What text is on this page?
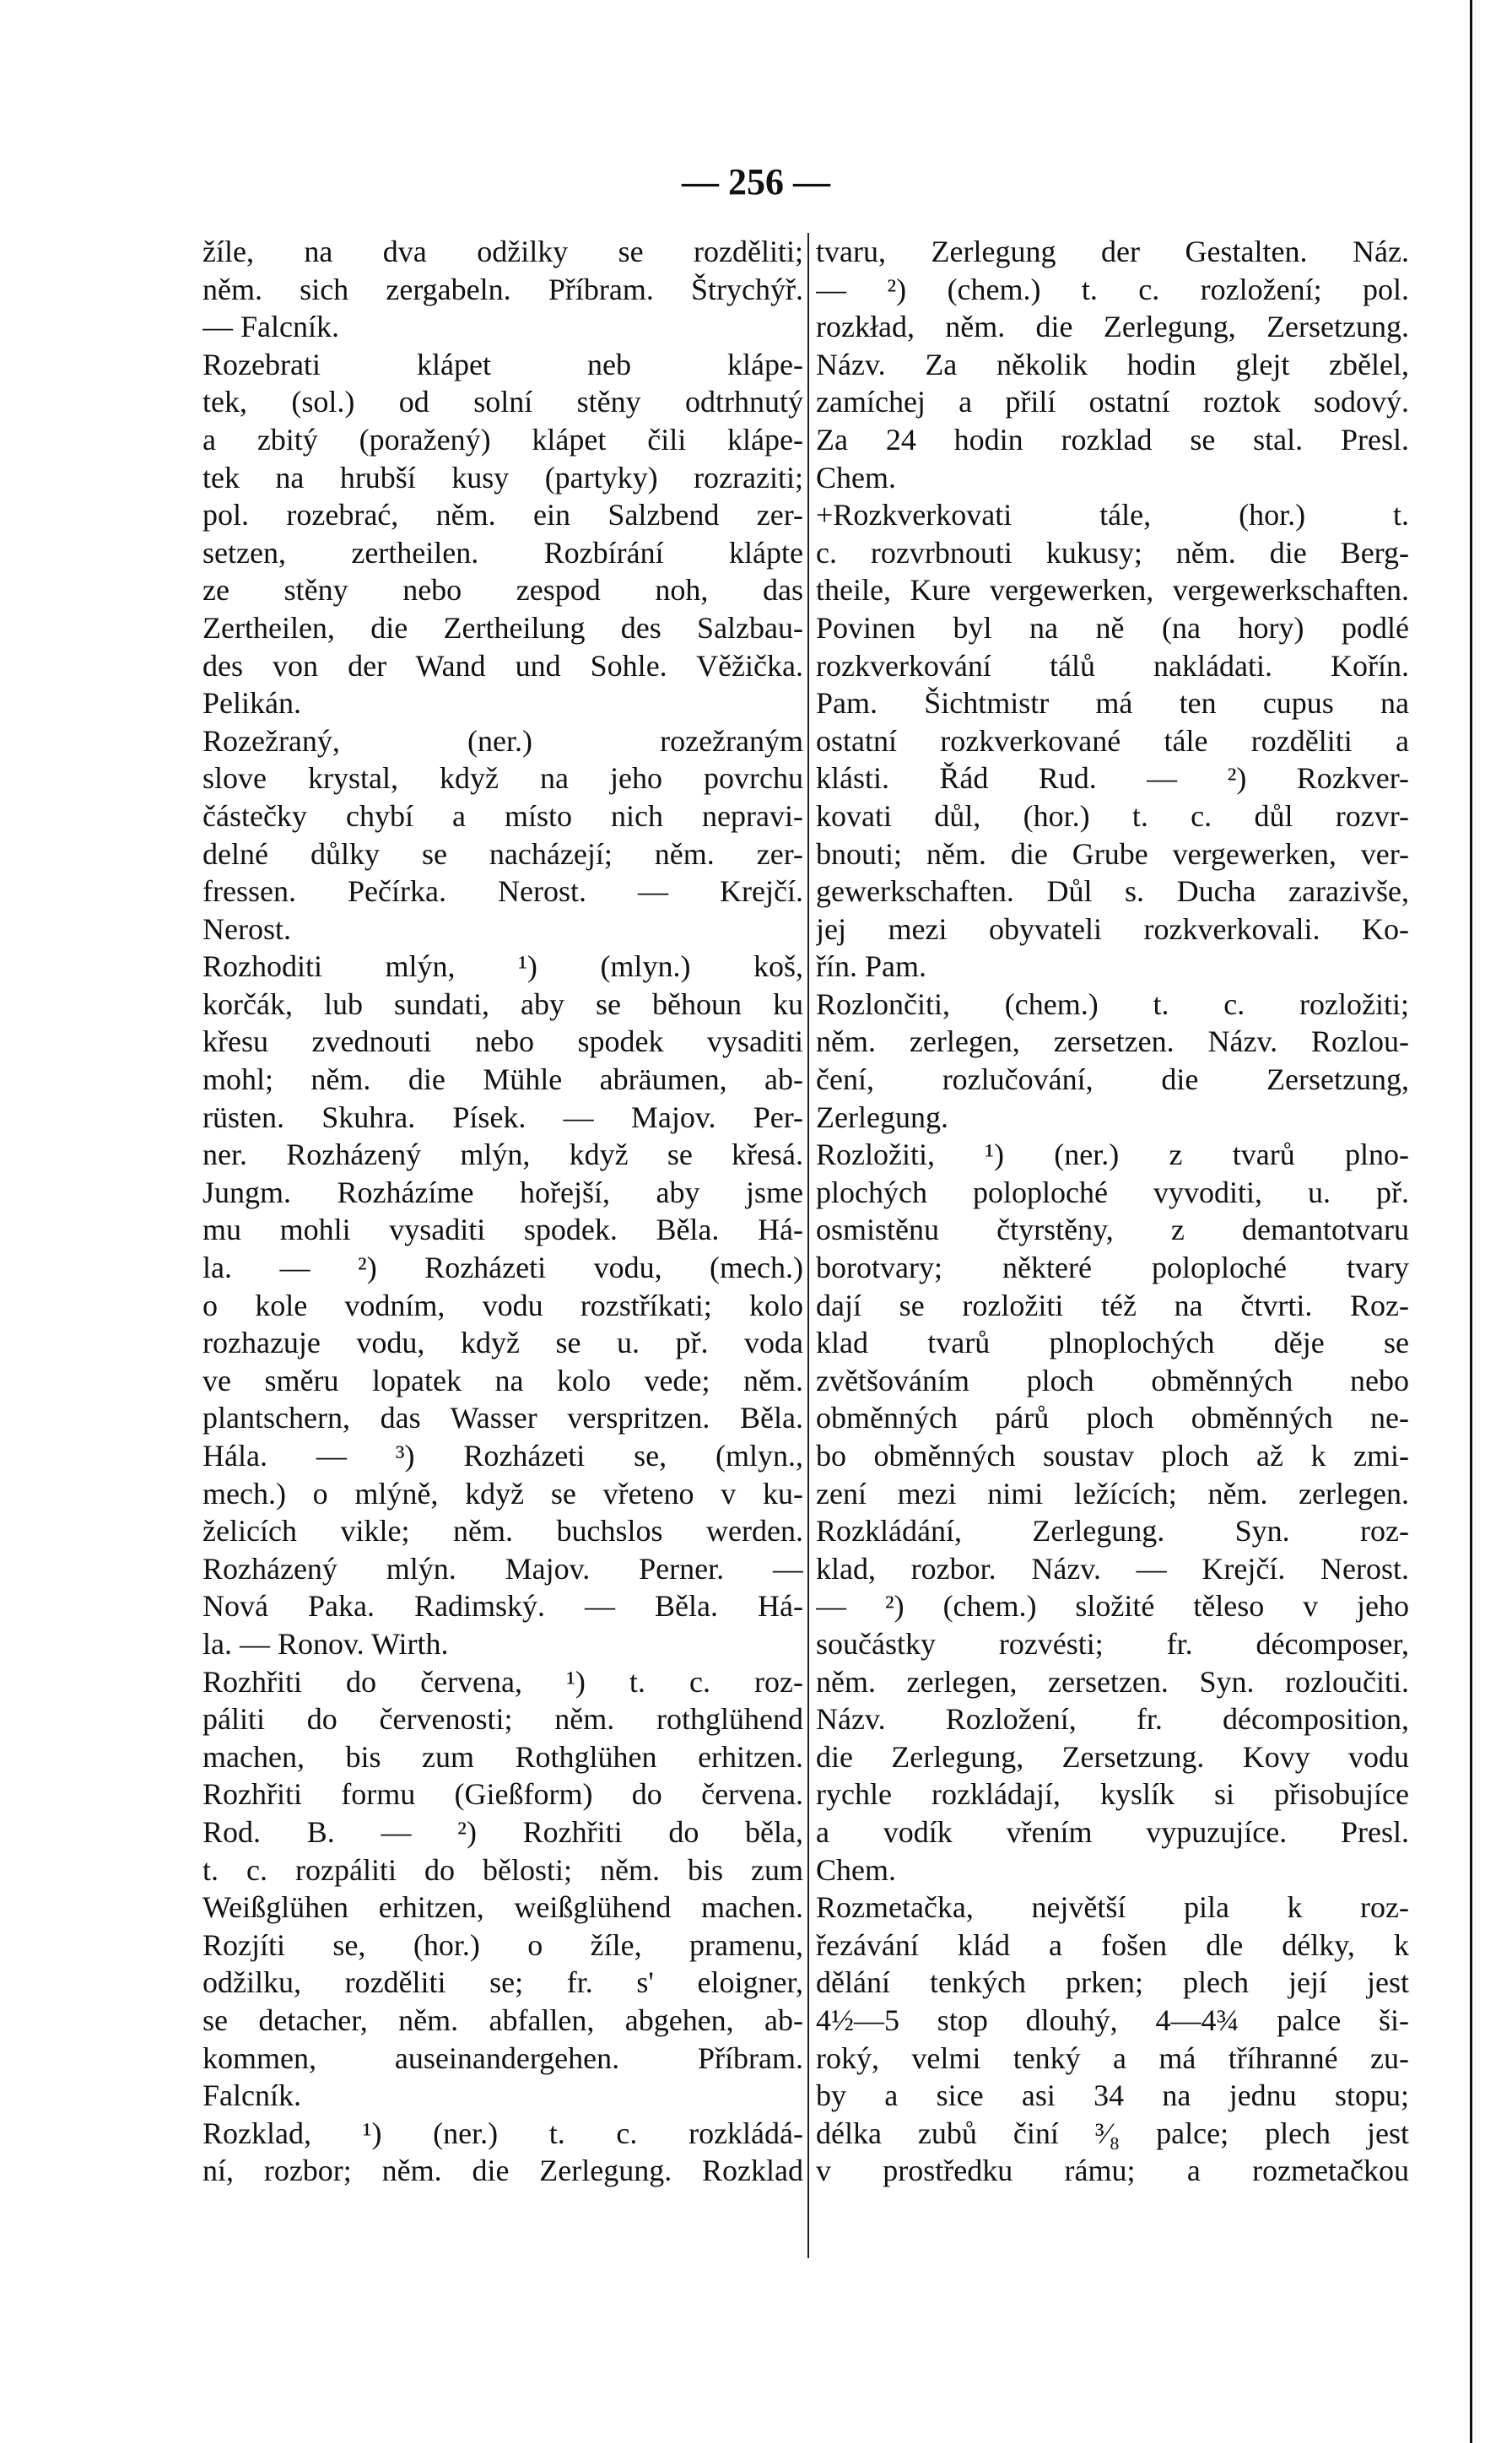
— 256 —
žíle, na dva odžilky se rozděliti;
něm. sich zergabeln. Příbram. Štrychýř.
— Falcník.
Rozebrati klápet neb klápe-
tek, (sol.) od solní stěny odtrhnutý
a zbitý (poražený) klápet čili klápe-
tek na hrubší kusy (partyky) rozraziti;
pol. rozebrać, něm. ein Salzbend zer-
setzen, zertheilen. Rozbírání klápte
ze stěny nebo zespod noh, das
Zertheilen, die Zertheilung des Salzbau-
des von der Wand und Sohle. Věžička.
Pelikán.
Rozežraný, (ner.) rozežraným
slove krystal, když na jeho povrchu
částečky chybí a místo nich nepravi-
delné důlky se nacházejí; něm. zer-
fressen. Pečírka. Nerost. — Krejčí.
Nerost.
Rozhoditi mlýn, ¹) (mlyn.) koš,
korčák, lub sundati, aby se běhoun ku
křesu zvednouti nebo spodek vysaditi
mohl; něm. die Mühle abräumen, ab-
rüsten. Skuhra. Písek. — Majov. Per-
ner. Rozházený mlýn, když se křesá.
Jungm. Rozházíme hořejší, aby jsme
mu mohli vysaditi spodek. Běla. Há-
la. — ²) Rozházeti vodu, (mech.)
o kole vodním, vodu rozstříkati; kolo
rozhazuje vodu, když se u. př. voda
ve směru lopatek na kolo vede; něm.
plantschern, das Wasser verspritzen. Běla.
Hála. — ³) Rozházeti se, (mlyn.,
mech.) o mlýně, když se vřeteno v ku-
želicích vikle; něm. buchslos werden.
Rozházený mlýn. Majov. Perner. —
Nová Paka. Radimský. — Běla. Há-
la. — Ronov. Wirth.
Rozhřiti do červena, ¹) t. c. roz-
páliti do červenosti; něm. rothglühend
machen, bis zum Rothglühen erhitzen.
Rozhřiti formu (Gießform) do červena.
Rod. B. — ²) Rozhřiti do běla,
t. c. rozpáliti do bělosti; něm. bis zum
Weißglühen erhitzen, weißglühend machen.
Rozjíti se, (hor.) o žíle, pramenu,
odžilku, rozděliti se; fr. s' eloigner,
se detacher, něm. abfallen, abgehen, ab-
kommen, auseinandergehen. Příbram.
Falcník.
Rozklad, ¹) (ner.) t. c. rozkládá-
ní, rozbor; něm. die Zerlegung. Rozklad
tvaru, Zerlegung der Gestalten. Náz.
— ²) (chem.) t. c. rozložení; pol.
rozkład, něm. die Zerlegung, Zersetzung.
Názv. Za několik hodin glejt zbělel,
zamíchej a přilí ostatní roztok sodový.
Za 24 hodin rozklad se stal. Presl.
Chem.
+Rozkverkovati tále, (hor.) t.
c. rozvrbnouti kukusy; něm. die Berg-
theile, Kure vergewerken, vergewerkschaften.
Povinen byl na ně (na hory) podlé
rozkverkování tálů nakládati. Kořín.
Pam. Šichtmistr má ten cupus na
ostatní rozkverkované tále rozděliti a
klásti. Řád Rud. — ²) Rozkver-
kovati důl, (hor.) t. c. důl rozvr-
bnouti; něm. die Grube vergewerken, ver-
gewerkschaften. Důl s. Ducha zarazivše,
jej mezi obyvateli rozkverkovali. Ko-
řín. Pam.
Rozlončiti, (chem.) t. c. rozložiti;
něm. zerlegen, zersetzen. Názv. Rozlou-
čení, rozlučování, die Zersetzung,
Zerlegung.
Rozložiti, ¹) (ner.) z tvarů plno-
plochých poloploché vyvoditi, u. př.
osmistěnu čtyrstěny, z demantotvaru
borotvary; některé poloploché tvary
dají se rozložiti též na čtvrti. Roz-
klad tvarů plnoplochých děje se
zvětšováním ploch obměnných nebo
obměnných párů ploch obměnných ne-
bo obměnných soustav ploch až k zmi-
zení mezi nimi ležících; něm. zerlegen.
Rozkládání, Zerlegung. Syn. roz-
klad, rozbor. Názv. — Krejčí. Nerost.
— ²) (chem.) složité těleso v jeho
součástky rozvésti; fr. décomposer,
něm. zerlegen, zersetzen. Syn. rozloučiti.
Názv. Rozložení, fr. décomposition,
die Zerlegung, Zersetzung. Kovy vodu
rychle rozkládají, kyslík si přisobujíce
a vodík vřením vypuzujíce. Presl.
Chem.
Rozmetačka, největší pila k roz-
řezávání klád a fošen dle délky, k
dělání tenkých prken; plech její jest
4½—5 stop dlouhý, 4—4¾ palce ši-
roký, velmi tenký a má tříhranné zu-
by a sice asi 34 na jednu stopu;
délka zubů činí ³⁄₈ palce; plech jest
v prostředku rámu; a rozmetačkou
